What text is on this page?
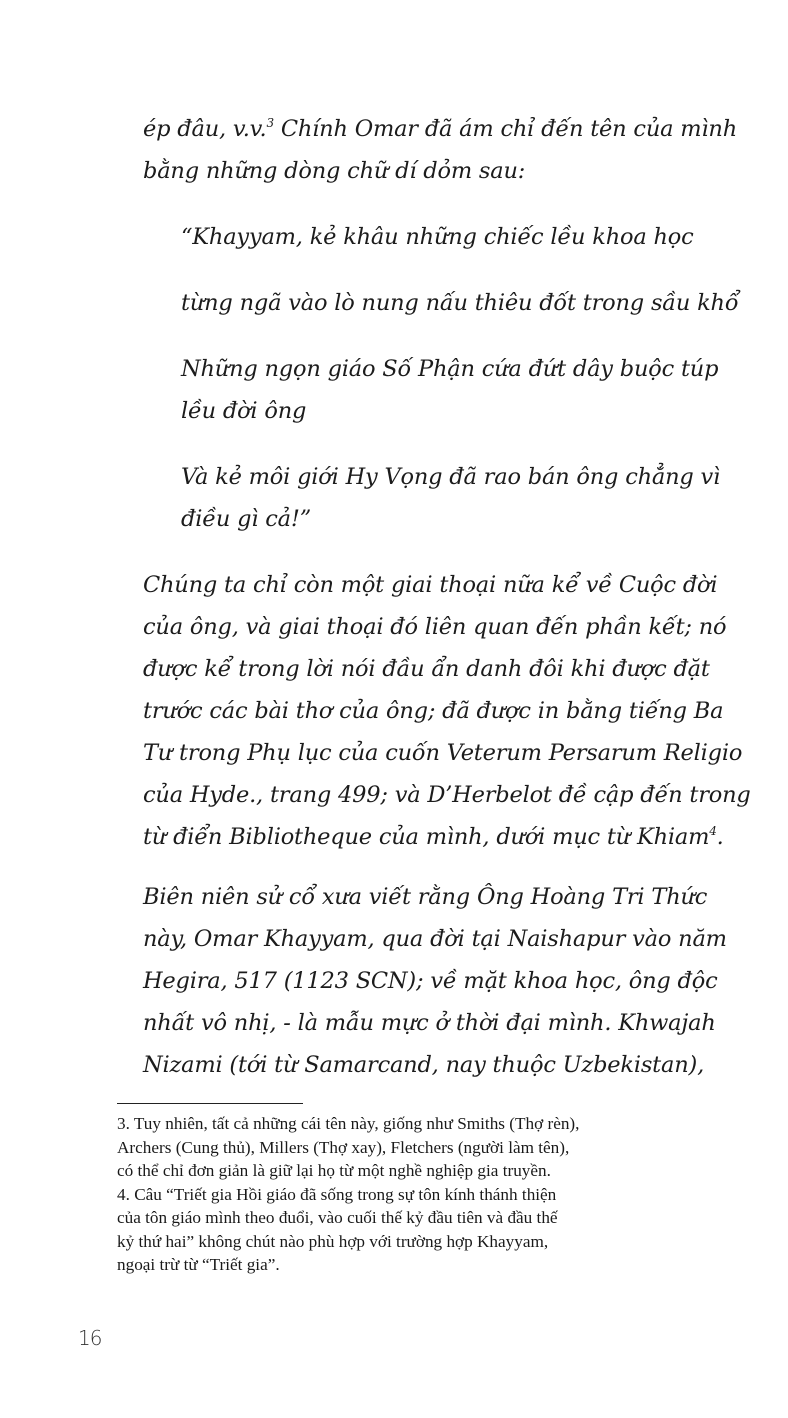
ép đâu, v.v.$^3$ Chính Omar đã ám chỉ đến tên của mình
bằng những dòng chữ dí dỏm sau:
“Khayyam, kẻ khâu những chiếc lều khoa học
từng ngã vào lò nung nấu thiêu đốt trong sầu khổ
Những ngọn giáo Số Phận cứa đứt dây buộc túp
lều đời ông
Và kẻ môi giới Hy Vọng đã rao bán ông chẳng vì
điều gì cả!”
Chúng ta chỉ còn một giai thoại nữa kể về Cuộc đời
của ông, và giai thoại đó liên quan đến phần kết; nó
được kể trong lời nói đầu ẩn danh đôi khi được đặt
trước các bài thơ của ông; đã được in bằng tiếng Ba
Tư trong Phụ lục của cuốn Veterum Persarum Religio
của Hyde., trang 499; và D’Herbelot đề cập đến trong
từ điển Bibliotheque của mình, dưới mục từ Khiam$^4$.
Biên niên sử cổ xưa viết rằng Ông Hoàng Tri Thức
này, Omar Khayyam, qua đời tại Naishapur vào năm
Hegira, 517 (1123 SCN); về mặt khoa học, ông độc
nhất vô nhị, - là mẫu mực ở thời đại mình. Khwajah
Nizami (tới từ Samarcand, nay thuộc Uzbekistan),
3. Tuy nhiên, tất cả những cái tên này, giống như Smiths (Thợ rèn),
Archers (Cung thủ), Millers (Thợ xay), Fletchers (người làm tên),
có thể chỉ đơn giản là giữ lại họ từ một nghề nghiệp gia truyền.
4. Câu “Triết gia Hồi giáo đã sống trong sự tôn kính thánh thiện
của tôn giáo mình theo đuổi, vào cuối thế kỷ đầu tiên và đầu thế
kỷ thứ hai” không chút nào phù hợp với trường hợp Khayyam,
ngoại trừ từ “Triết gia”.
16
